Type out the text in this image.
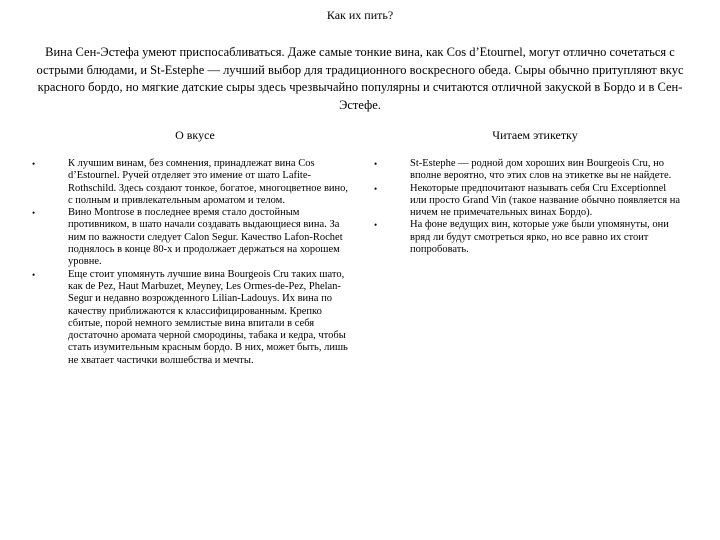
Как их пить?
Вина Сен-Эстефа умеют приспосабливаться. Даже самые тонкие вина, как Cos d’Etournel, могут отлично сочетаться с острыми блюдами, и St-Estephe — лучший выбор для традиционного воскресного обеда. Сыры обычно притупляют вкус красного бордо, но мягкие датские сыры здесь чрезвычайно популярны и считаются отличной закуской в Бордо и в Сен-Эстефе.
О вкусе	Читаем этикетку
•	К лучшим винам, без сомнения, принадлежат вина Cos d’Estournel. Ручей отделяет это имение от шато Lafite-Rothschild. Здесь создают тонкое, богатое, многоцветное вино, с полным и привлекательным ароматом и телом.
•	Вино Montrose в последнее время стало достойным противником, в шато начали создавать выдающиеся вина. За ним по важности следует Calon Segur. Качество Lafon-Rochet поднялось в конце 80-х и продолжает держаться на хорошем уровне.
•	Еще стоит упомянуть лучшие вина Bourgeois Cru таких шато, как de Pez, Haut Marbuzet, Meyney, Les Ormes-de-Pez, Phelan-Segur и недавно возрожденного Lilian-Ladouys. Их вина по качеству приближаются к классифицированным. Крепко сбитые, порой немного землистые вина впитали в себя достаточно аромата черной смородины, табака и кедра, чтобы стать изумительным красным бордо. В них, может быть, лишь не хватает частички волшебства и мечты.
•	St-Estephe — родной дом хороших вин Bourgeois Cru, но вполне вероятно, что этих слов на этикетке вы не найдете.
•	Некоторые предпочитают называть себя Cru Exceptionnel или просто Grand Vin (такое название обычно появляется на ничем не примечательных винах Бордо).
•	На фоне ведущих вин, которые уже были упомянуты, они вряд ли будут смотреться ярко, но все равно их стоит попробовать.
